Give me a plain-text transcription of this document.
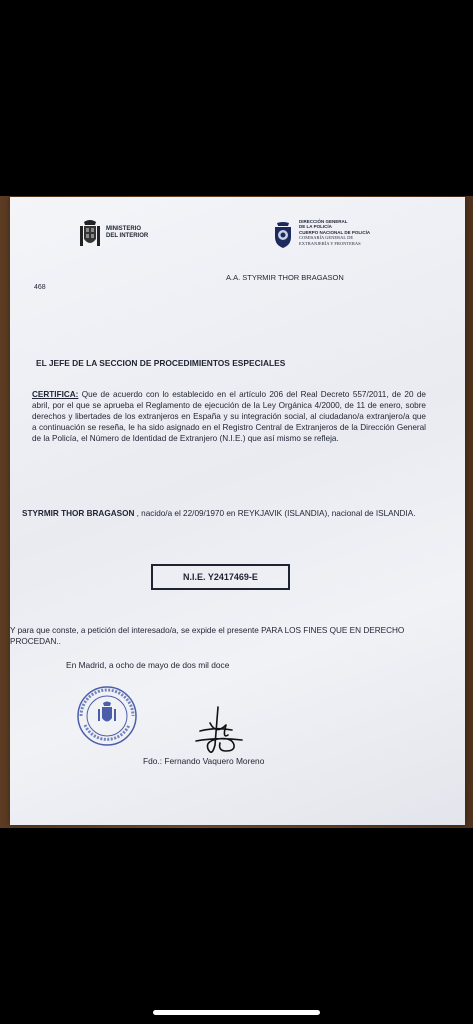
MINISTERIO
DEL INTERIOR
DIRECCIÓN GENERAL
DE LA POLICÍA
CUERPO NACIONAL DE POLICÍA
COMISARÍA GENERAL DE
EXTRANJERÍA Y FRONTERAS
A.A. STYRMIR THOR BRAGASON
468
EL JEFE DE LA SECCION DE PROCEDIMIENTOS ESPECIALES
CERTIFICA: Que de acuerdo con lo establecido en el artículo 206 del Real Decreto 557/2011, de 20 de abril, por el que se aprueba el Reglamento de ejecución de la Ley Orgánica 4/2000, de 11 de enero, sobre derechos y libertades de los extranjeros en España y su integración social, al ciudadano/a extranjero/a que a continuación se reseña, le ha sido asignado en el Registro Central de Extranjeros de la Dirección General de la Policía, el Número de Identidad de Extranjero (N.I.E.) que así mismo se refleja.
STYRMIR THOR BRAGASON , nacido/a el 22/09/1970 en REYKJAVIK (ISLANDIA), nacional de ISLANDIA.
N.I.E. Y2417469-E
Y para que conste, a petición del interesado/a, se expide el presente PARA LOS FINES QUE EN DERECHO PROCEDAN..
En Madrid, a ocho de mayo de dos mil doce
Fdo.: Fernando Vaquero Moreno
